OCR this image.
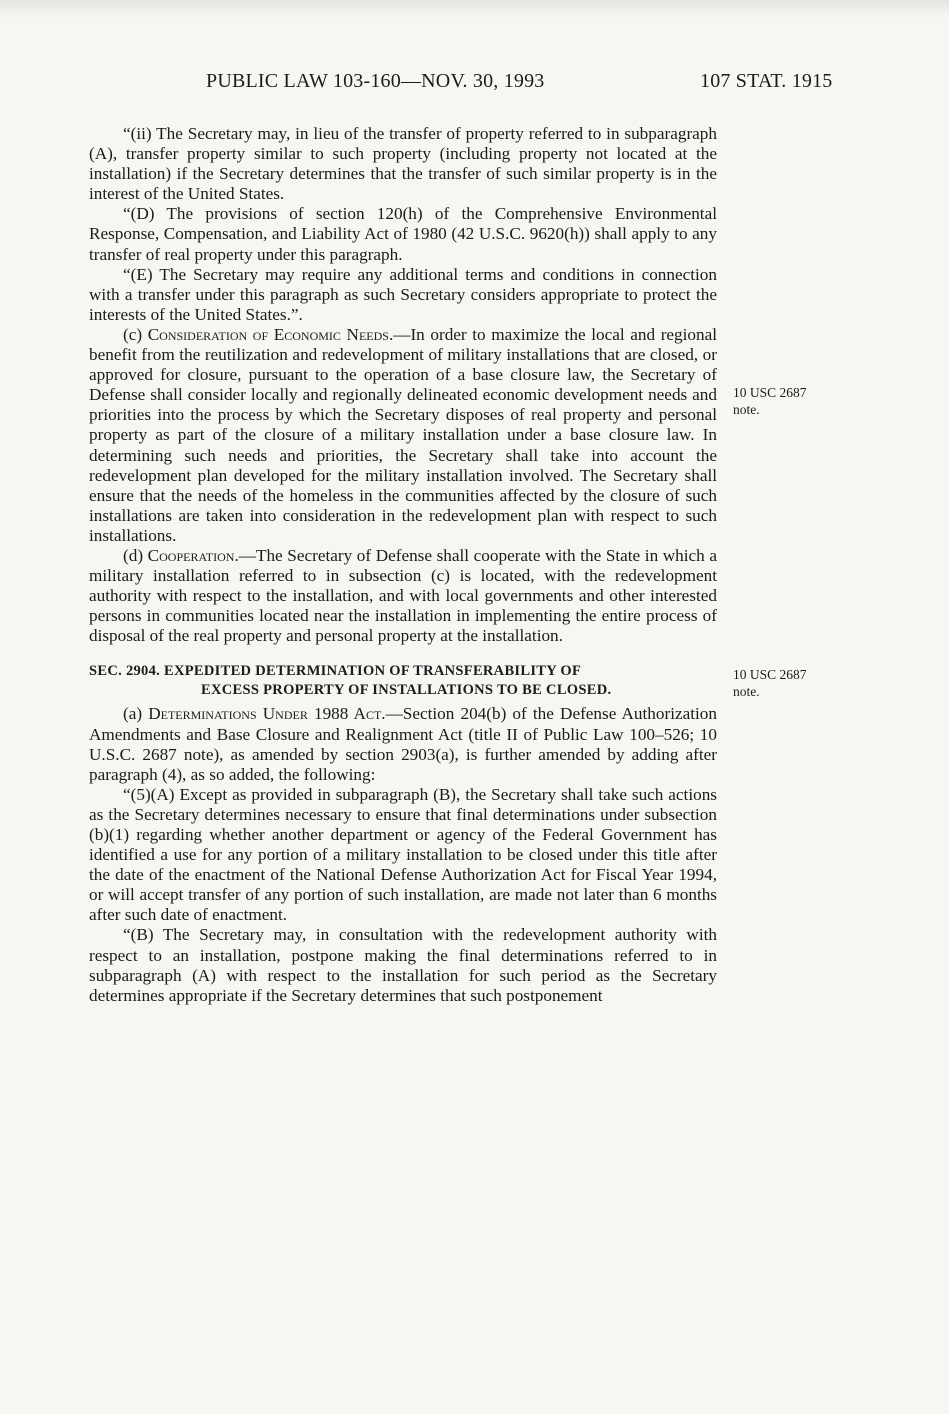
PUBLIC LAW 103-160—NOV. 30, 1993	107 STAT. 1915

“(ii) The Secretary may, in lieu of the transfer of property referred to in subparagraph (A), transfer property similar to such property (including property not located at the installation) if the Secretary determines that the transfer of such similar property is in the interest of the United States.

“(D) The provisions of section 120(h) of the Comprehensive Environmental Response, Compensation, and Liability Act of 1980 (42 U.S.C. 9620(h)) shall apply to any transfer of real property under this paragraph.

“(E) The Secretary may require any additional terms and conditions in connection with a transfer under this paragraph as such Secretary considers appropriate to protect the interests of the United States.”.

(c) Consideration of Economic Needs.—In order to maximize the local and regional benefit from the reutilization and redevelopment of military installations that are closed, or approved for closure, pursuant to the operation of a base closure law, the Secretary of Defense shall consider locally and regionally delineated economic development needs and priorities into the process by which the Secretary disposes of real property and personal property as part of the closure of a military installation under a base closure law. In determining such needs and priorities, the Secretary shall take into account the redevelopment plan developed for the military installation involved. The Secretary shall ensure that the needs of the homeless in the communities affected by the closure of such installations are taken into consideration in the redevelopment plan with respect to such installations.

(d) Cooperation.—The Secretary of Defense shall cooperate with the State in which a military installation referred to in subsection (c) is located, with the redevelopment authority with respect to the installation, and with local governments and other interested persons in communities located near the installation in implementing the entire process of disposal of the real property and personal property at the installation.

SEC. 2904. EXPEDITED DETERMINATION OF TRANSFERABILITY OF
EXCESS PROPERTY OF INSTALLATIONS TO BE CLOSED.

(a) Determinations Under 1988 Act.—Section 204(b) of the Defense Authorization Amendments and Base Closure and Realignment Act (title II of Public Law 100–526; 10 U.S.C. 2687 note), as amended by section 2903(a), is further amended by adding after paragraph (4), as so added, the following:

“(5)(A) Except as provided in subparagraph (B), the Secretary shall take such actions as the Secretary determines necessary to ensure that final determinations under subsection (b)(1) regarding whether another department or agency of the Federal Government has identified a use for any portion of a military installation to be closed under this title after the date of the enactment of the National Defense Authorization Act for Fiscal Year 1994, or will accept transfer of any portion of such installation, are made not later than 6 months after such date of enactment.

“(B) The Secretary may, in consultation with the redevelopment authority with respect to an installation, postpone making the final determinations referred to in subparagraph (A) with respect to the installation for such period as the Secretary determines appropriate if the Secretary determines that such postponement

10 USC 2687
note.
10 USC 2687
note.
